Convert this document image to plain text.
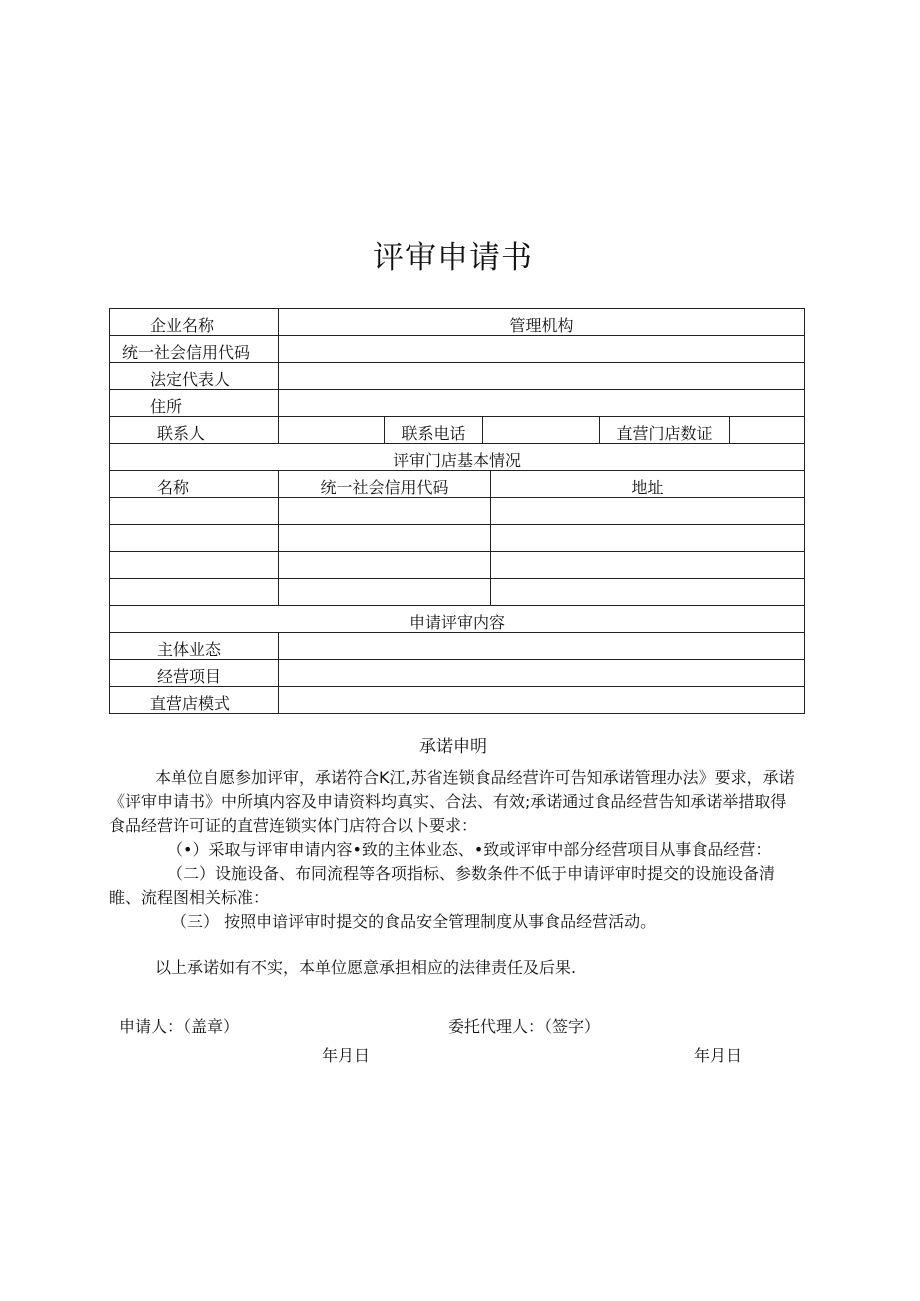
评审申请书
企业名称	管理机构					
统一社会信用代码						
法定代表人						
住所						
联系人		联系电话			直营门店数证	
评审门店基本情况						
名称	统一社会信用代码			地址		

申请评审内容						
主体业态						
经营项目						
直营店模式						
承诺申明

本单位自愿参加评审，承诺符合K江,苏省连锁食品经营许可告知承诺管理办法》要求，承诺《评审申请书》中所填内容及申请资料均真实、合法、有效;承诺通过食品经营告知承诺举措取得食品经营许可证的直营连锁实体门店符合以卜要求：

（•）采取与评审申请内容•致的主体业态、•致或评审中部分经营项目从事食品经营：

（二）设施设备、布同流程等各项指标、参数条件不低于申请评审时提交的设施设备清睢、流程图相关标准：

（三） 按照申谙评审时提交的食品安全管理制度从事食品经营活动。

以上承诺如有不实，本单位愿意承担相应的法律责任及后果.

申请人：（盖章）	委托代理人：（签字）
年月日	年月日
